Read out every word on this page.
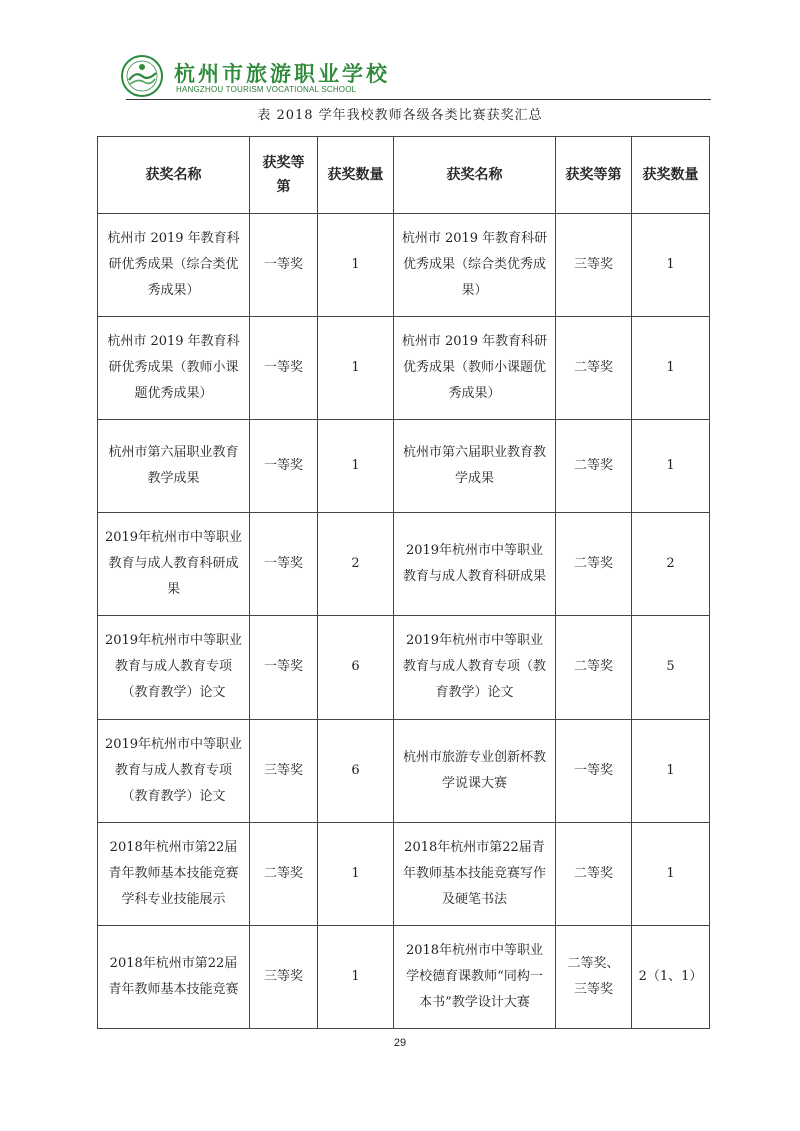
杭州市旅游职业学校
HANGZHOU TOURISM VOCATIONAL SCHOOL
表 2018 学年我校教师各级各类比赛获奖汇总
获奖名称	获奖等第	获奖数量	获奖名称	获奖等第	获奖数量
杭州市 2019 年教育科研优秀成果（综合类优秀成果）	一等奖	1	杭州市 2019 年教育科研优秀成果（综合类优秀成果）	三等奖	1
杭州市 2019 年教育科研优秀成果（教师小课题优秀成果）	一等奖	1	杭州市 2019 年教育科研优秀成果（教师小课题优秀成果）	二等奖	1
杭州市第六届职业教育教学成果	一等奖	1	杭州市第六届职业教育教学成果	二等奖	1
2019年杭州市中等职业教育与成人教育科研成果	一等奖	2	2019年杭州市中等职业教育与成人教育科研成果	二等奖	2
2019年杭州市中等职业教育与成人教育专项（教育教学）论文	一等奖	6	2019年杭州市中等职业教育与成人教育专项（教育教学）论文	二等奖	5
2019年杭州市中等职业教育与成人教育专项（教育教学）论文	三等奖	6	杭州市旅游专业创新杯教学说课大赛	一等奖	1
2018年杭州市第22届青年教师基本技能竞赛学科专业技能展示	二等奖	1	2018年杭州市第22届青年教师基本技能竞赛写作及硬笔书法	二等奖	1
2018年杭州市第22届青年教师基本技能竞赛	三等奖	1	2018年杭州市中等职业学校德育课教师“同构一本书”教学设计大赛	二等奖、三等奖	2（1、1）
29
